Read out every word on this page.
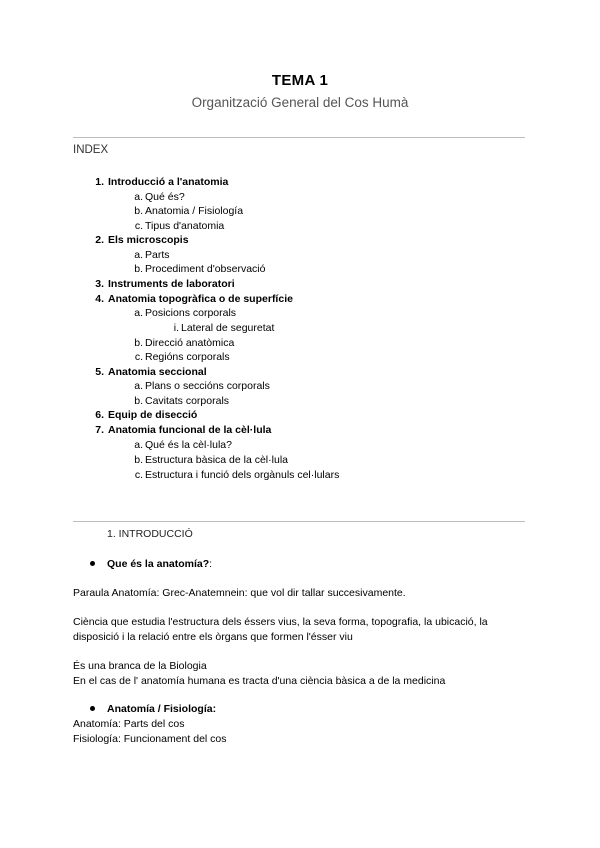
TEMA 1
Organització General del Cos Humà
INDEX
1. Introducció a l'anatomia
a. Qué és?
b. Anatomia / Fisiología
c. Tipus d'anatomia
2. Els microscopis
a. Parts
b. Procediment d'observació
3. Instruments de laboratori
4. Anatomia topogràfica o de superfície
a. Posicions corporals
i. Lateral de seguretat
b. Direcció anatòmica
c. Regións corporals
5. Anatomia seccional
a. Plans o seccións corporals
b. Cavitats corporals
6. Equip de disecció
7. Anatomia funcional de la cèl·lula
a. Qué és la cèl·lula?
b. Estructura bàsica de la cèl·lula
c. Estructura i funció dels orgànuls cel·lulars
1. INTRODUCCIÓ
Que és la anatomía?:
Paraula Anatomía: Grec-Anatemnein: que vol dir tallar succesivamente.
Ciència que estudia l'estructura dels éssers vius, la seva forma, topografia, la ubicació, la
disposició i la relació entre els òrgans que formen l'ésser viu
És una branca de la Biologia
En el cas de l' anatomía humana es tracta d'una ciència bàsica a de la medicina
Anatomía / Fisiología:
Anatomía: Parts del cos
Fisiología: Funcionament del cos
